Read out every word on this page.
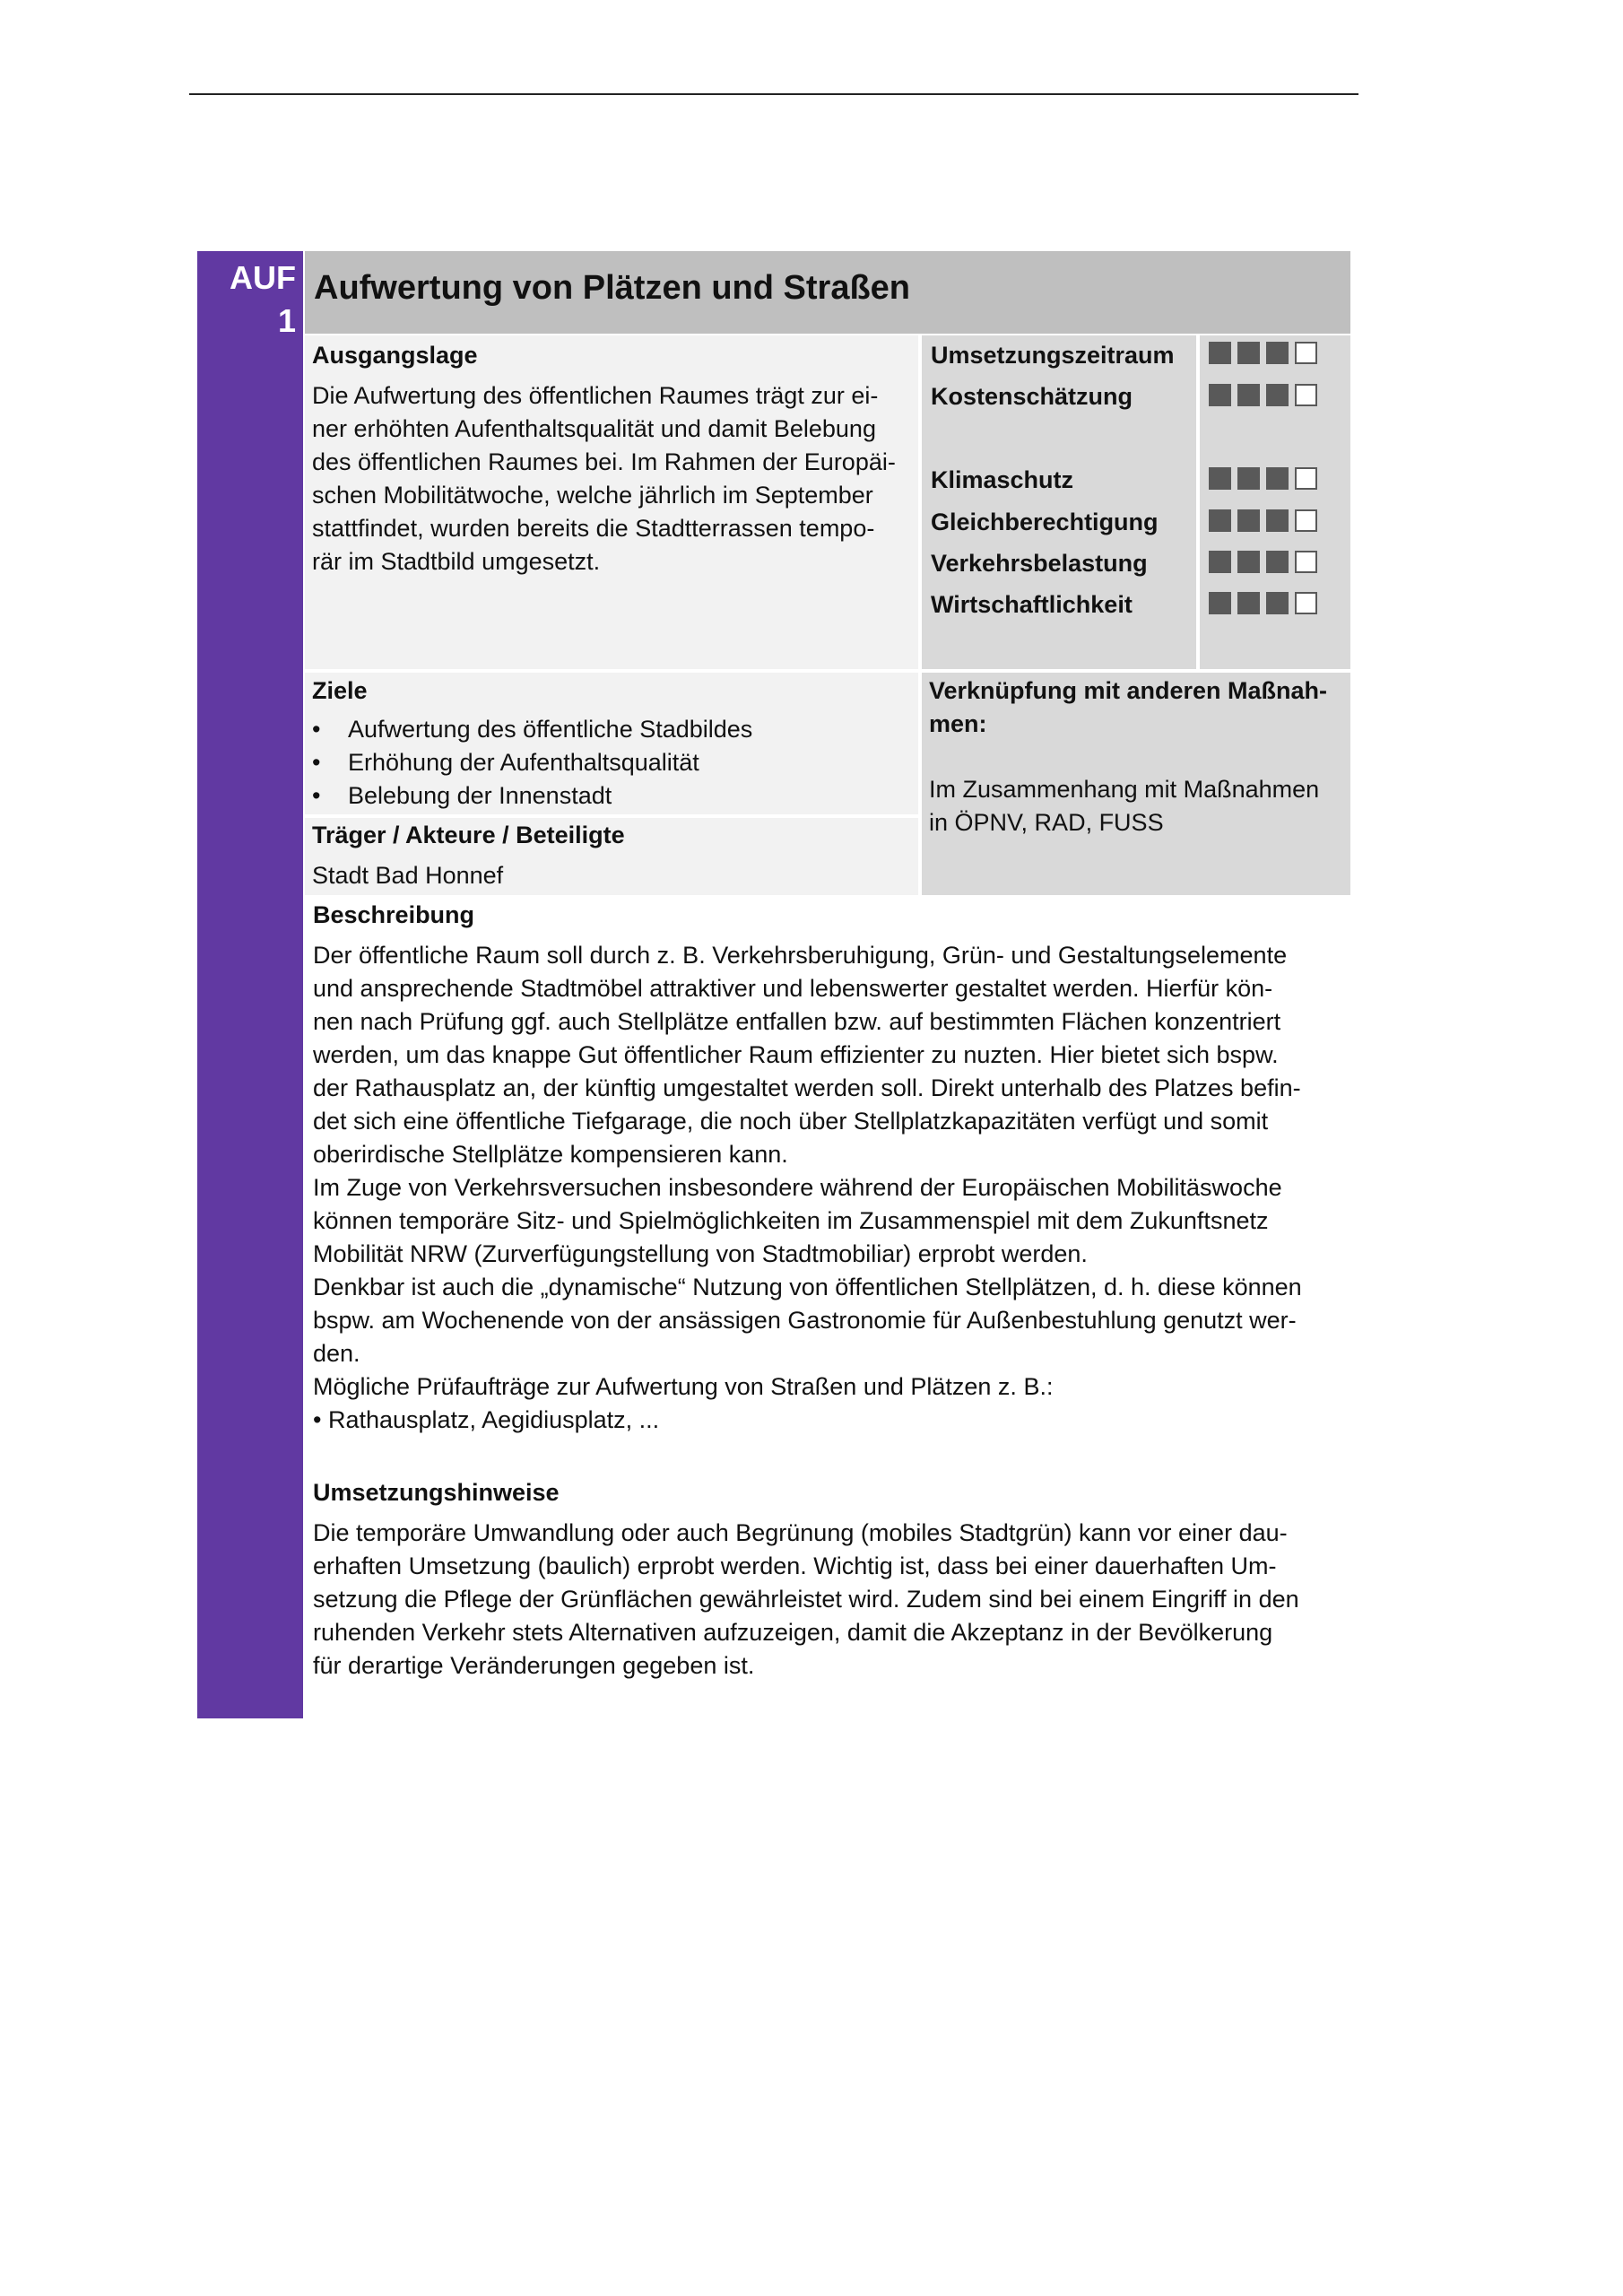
AUF
1
Aufwertung von Plätzen und Straßen
Ausgangslage
Die Aufwertung des öffentlichen Raumes trägt zur ei-
ner erhöhten Aufenthaltsqualität und damit Belebung
des öffentlichen Raumes bei. Im Rahmen der Europäi-
schen Mobilitätwoche, welche jährlich im September
stattfindet, wurden bereits die Stadtterrassen tempo-
rär im Stadtbild umgesetzt.
Umsetzungszeitraum
Kostenschätzung
Klimaschutz
Gleichberechtigung
Verkehrsbelastung
Wirtschaftlichkeit
Ziele
• Aufwertung des öffentliche Stadbildes
• Erhöhung der Aufenthaltsqualität
• Belebung der Innenstadt
Träger / Akteure / Beteiligte
Stadt Bad Honnef
Verknüpfung mit anderen Maßnah-
men:
Im Zusammenhang mit Maßnahmen
in ÖPNV, RAD, FUSS
Beschreibung
Der öffentliche Raum soll durch z. B. Verkehrsberuhigung, Grün- und Gestaltungselemente
und ansprechende Stadtmöbel attraktiver und lebenswerter gestaltet werden. Hierfür kön-
nen nach Prüfung ggf. auch Stellplätze entfallen bzw. auf bestimmten Flächen konzentriert
werden, um das knappe Gut öffentlicher Raum effizienter zu nuzten. Hier bietet sich bspw.
der Rathausplatz an, der künftig umgestaltet werden soll. Direkt unterhalb des Platzes befin-
det sich eine öffentliche Tiefgarage, die noch über Stellplatzkapazitäten verfügt und somit
oberirdische Stellplätze kompensieren kann.
Im Zuge von Verkehrsversuchen insbesondere während der Europäischen Mobilitäswoche
können temporäre Sitz- und Spielmöglichkeiten im Zusammenspiel mit dem Zukunftsnetz
Mobilität NRW (Zurverfügungstellung von Stadtmobiliar) erprobt werden.
Denkbar ist auch die „dynamische“ Nutzung von öffentlichen Stellplätzen, d. h. diese können
bspw. am Wochenende von der ansässigen Gastronomie für Außenbestuhlung genutzt wer-
den.
Mögliche Prüfaufträge zur Aufwertung von Straßen und Plätzen z. B.:
• Rathausplatz, Aegidiusplatz, ...
Umsetzungshinweise
Die temporäre Umwandlung oder auch Begrünung (mobiles Stadtgrün) kann vor einer dau-
erhaften Umsetzung (baulich) erprobt werden. Wichtig ist, dass bei einer dauerhaften Um-
setzung die Pflege der Grünflächen gewährleistet wird. Zudem sind bei einem Eingriff in den
ruhenden Verkehr stets Alternativen aufzuzeigen, damit die Akzeptanz in der Bevölkerung
für derartige Veränderungen gegeben ist.
